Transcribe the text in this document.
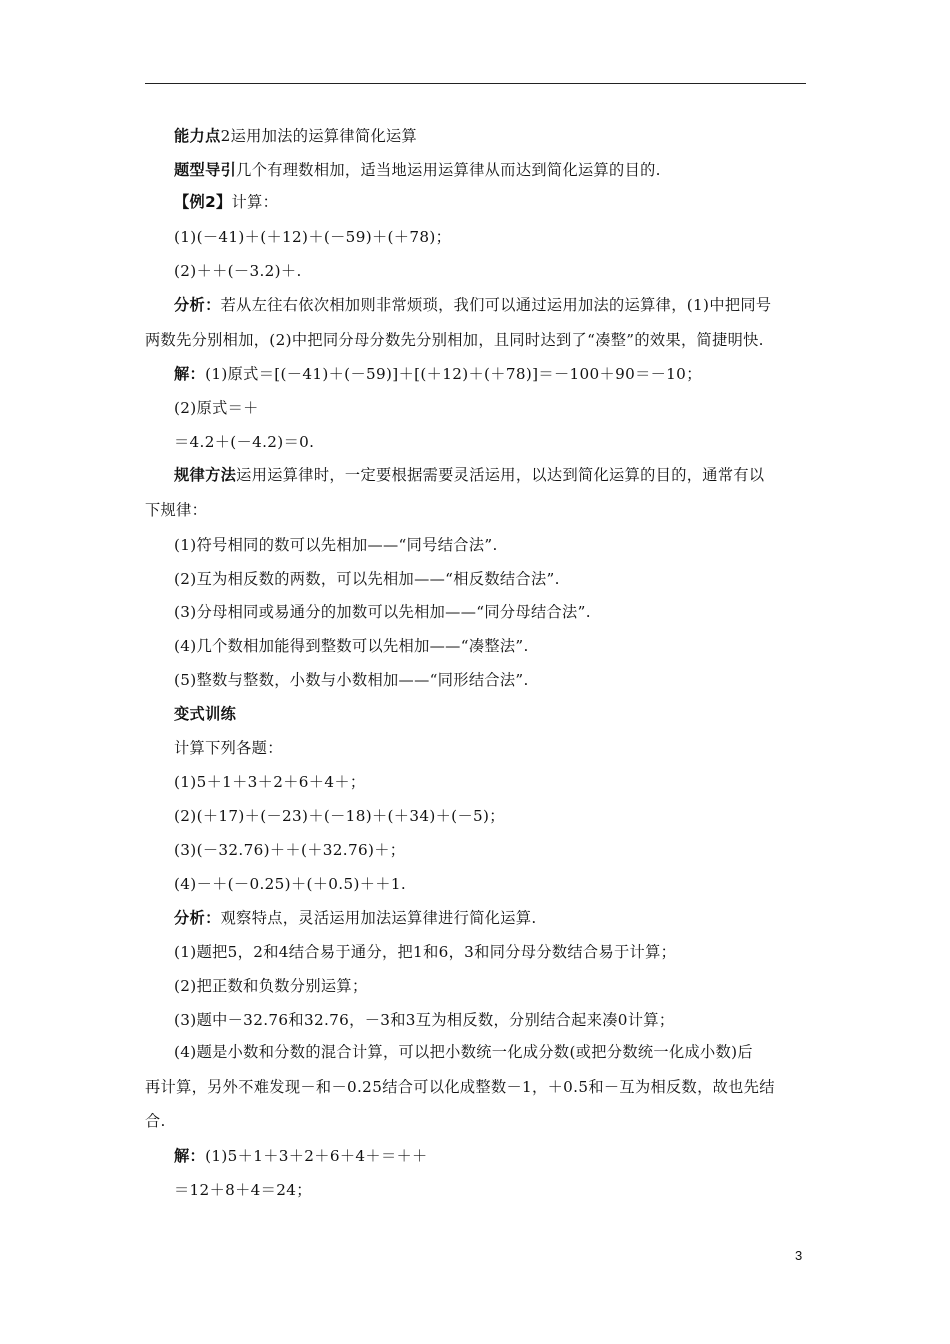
能力点2运用加法的运算律简化运算
题型导引几个有理数相加，适当地运用运算律从而达到简化运算的目的.
【例2】计算：
(1)(－41)＋(＋12)＋(－59)＋(＋78)；
(2)＋＋(－3.2)＋.
分析：若从左往右依次相加则非常烦琐，我们可以通过运用加法的运算律，(1)中把同号
两数先分别相加，(2)中把同分母分数先分别相加，且同时达到了“凑整”的效果，简捷明快.
解：(1)原式＝[(－41)＋(－59)]＋[(＋12)＋(＋78)]＝－100＋90＝－10；
(2)原式＝＋
＝4.2＋(－4.2)＝0.
规律方法运用运算律时，一定要根据需要灵活运用，以达到简化运算的目的，通常有以
下规律：
(1)符号相同的数可以先相加——“同号结合法”.
(2)互为相反数的两数，可以先相加——“相反数结合法”.
(3)分母相同或易通分的加数可以先相加——“同分母结合法”.
(4)几个数相加能得到整数可以先相加——“凑整法”.
(5)整数与整数，小数与小数相加——“同形结合法”.
变式训练
计算下列各题：
(1)5＋1＋3＋2＋6＋4＋；
(2)(＋17)＋(－23)＋(－18)＋(＋34)＋(－5)；
(3)(－32.76)＋＋(＋32.76)＋；
(4)－＋(－0.25)＋(＋0.5)＋＋1.
分析：观察特点，灵活运用加法运算律进行简化运算.
(1)题把5，2和4结合易于通分，把1和6，3和同分母分数结合易于计算；
(2)把正数和负数分别运算；
(3)题中－32.76和32.76，－3和3互为相反数，分别结合起来凑0计算；
(4)题是小数和分数的混合计算，可以把小数统一化成分数(或把分数统一化成小数)后
再计算，另外不难发现－和－0.25结合可以化成整数－1，＋0.5和－互为相反数，故也先结
合.
解：(1)5＋1＋3＋2＋6＋4＋＝＋＋
＝12＋8＋4＝24；
3
